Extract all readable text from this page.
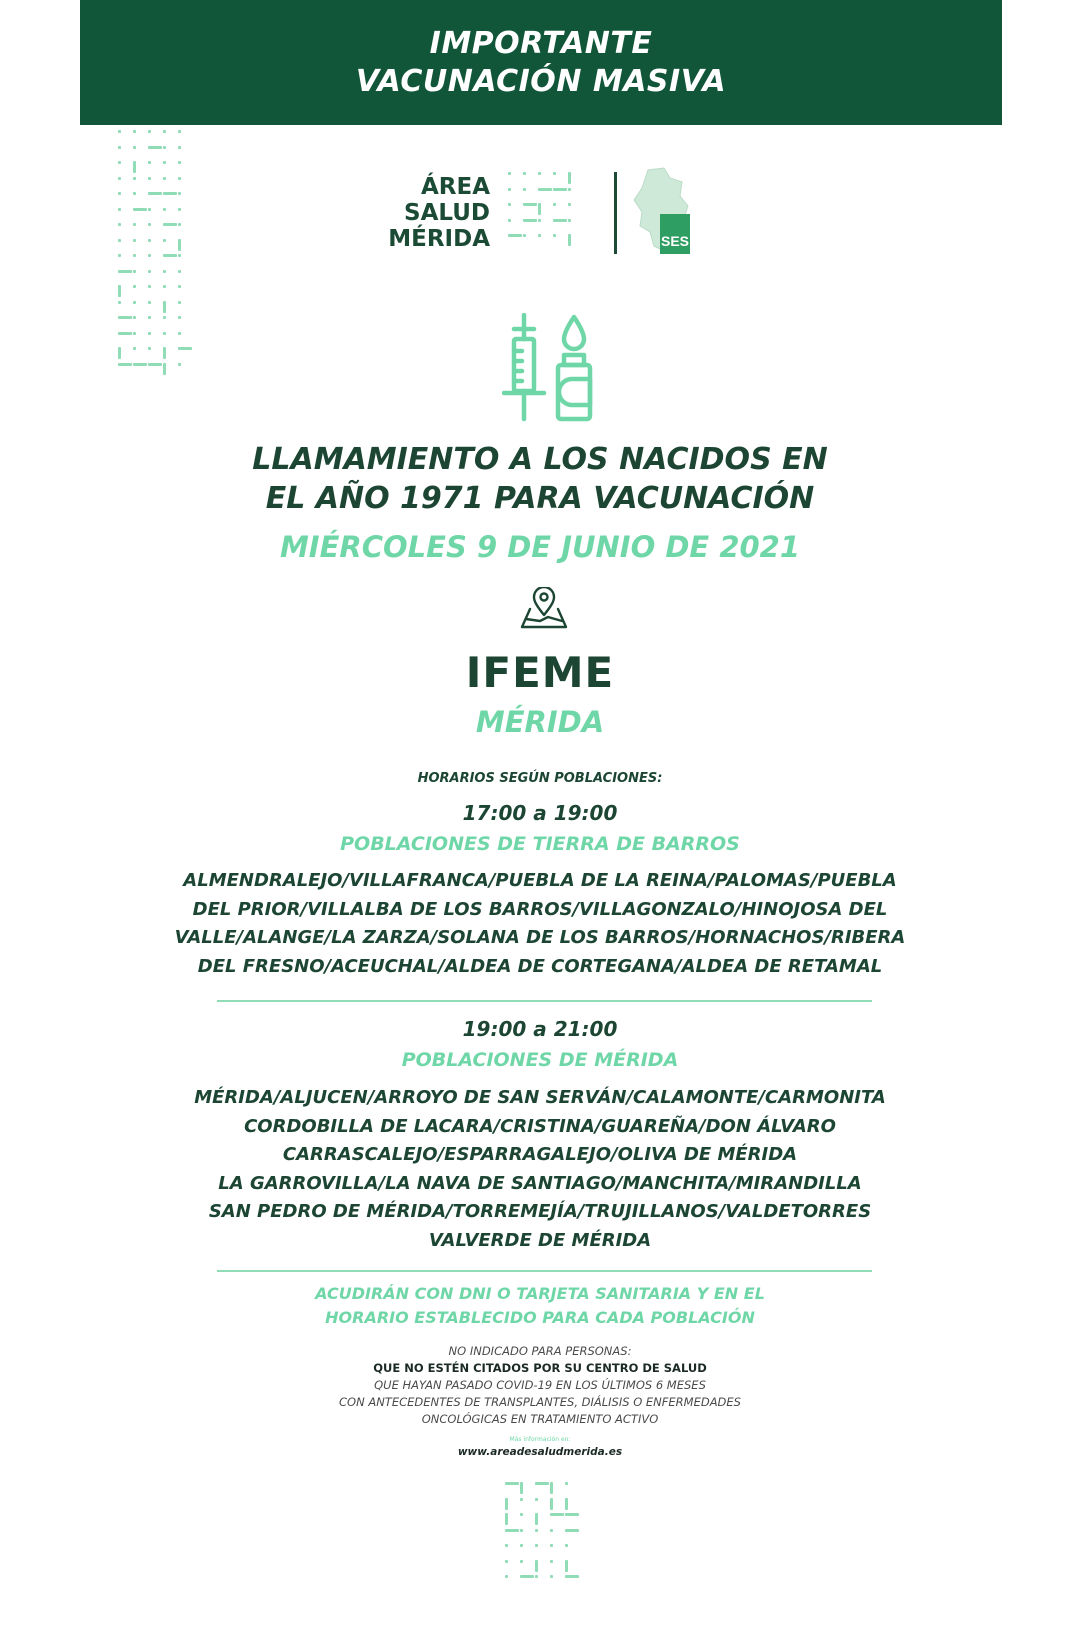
IMPORTANTE
VACUNACIÓN MASIVA
ÁREA
SALUD
MÉRIDA	SES
LLAMAMIENTO A LOS NACIDOS EN
EL AÑO 1971 PARA VACUNACIÓN
MIÉRCOLES 9 DE JUNIO DE 2021
IFEME
MÉRIDA
HORARIOS SEGÚN POBLACIONES:
17:00 a 19:00
POBLACIONES DE TIERRA DE BARROS
ALMENDRALEJO/VILLAFRANCA/PUEBLA DE LA REINA/PALOMAS/PUEBLA
DEL PRIOR/VILLALBA DE LOS BARROS/VILLAGONZALO/HINOJOSA DEL
VALLE/ALANGE/LA ZARZA/SOLANA DE LOS BARROS/HORNACHOS/RIBERA
DEL FRESNO/ACEUCHAL/ALDEA DE CORTEGANA/ALDEA DE RETAMAL
19:00 a 21:00
POBLACIONES DE MÉRIDA
MÉRIDA/ALJUCEN/ARROYO DE SAN SERVÁN/CALAMONTE/CARMONITA
CORDOBILLA DE LACARA/CRISTINA/GUAREÑA/DON ÁLVARO
CARRASCALEJO/ESPARRAGALEJO/OLIVA DE MÉRIDA
LA GARROVILLA/LA NAVA DE SANTIAGO/MANCHITA/MIRANDILLA
SAN PEDRO DE MÉRIDA/TORREMEJÍA/TRUJILLANOS/VALDETORRES
VALVERDE DE MÉRIDA
ACUDIRÁN CON DNI O TARJETA SANITARIA Y EN EL
HORARIO ESTABLECIDO PARA CADA POBLACIÓN
NO INDICADO PARA PERSONAS:
QUE NO ESTÉN CITADOS POR SU CENTRO DE SALUD
QUE HAYAN PASADO COVID-19 EN LOS ÚLTIMOS 6 MESES
CON ANTECEDENTES DE TRANSPLANTES, DIÁLISIS O ENFERMEDADES
ONCOLÓGICAS EN TRATAMIENTO ACTIVO
Más información en:
www.areadesaludmerida.es
